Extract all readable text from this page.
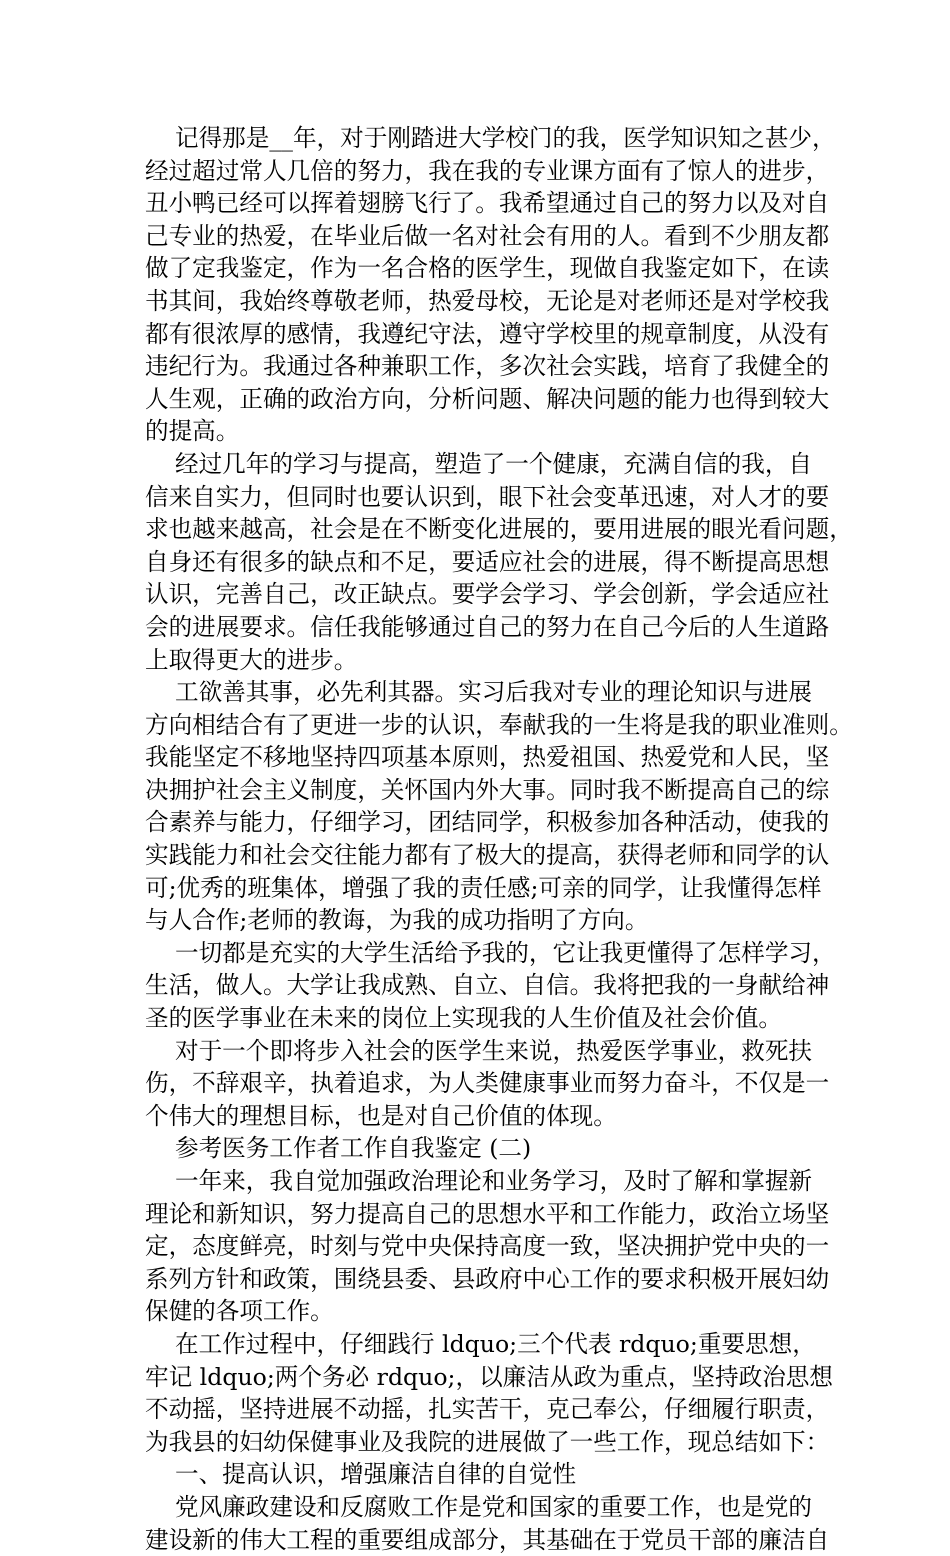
记得那是__年，对于刚踏进大学校门的我，医学知识知之甚少，
经过超过常人几倍的努力，我在我的专业课方面有了惊人的进步，
丑小鸭已经可以挥着翅膀飞行了。我希望通过自己的努力以及对自
己专业的热爱，在毕业后做一名对社会有用的人。看到不少朋友都
做了定我鉴定，作为一名合格的医学生，现做自我鉴定如下，在读
书其间，我始终尊敬老师，热爱母校，无论是对老师还是对学校我
都有很浓厚的感情，我遵纪守法，遵守学校里的规章制度，从没有
违纪行为。我通过各种兼职工作，多次社会实践，培育了我健全的
人生观，正确的政治方向，分析问题、解决问题的能力也得到较大
的提高。
经过几年的学习与提高，塑造了一个健康，充满自信的我，自
信来自实力，但同时也要认识到，眼下社会变革迅速，对人才的要
求也越来越高，社会是在不断变化进展的，要用进展的眼光看问题，
自身还有很多的缺点和不足，要适应社会的进展，得不断提高思想
认识，完善自己，改正缺点。要学会学习、学会创新，学会适应社
会的进展要求。信任我能够通过自己的努力在自己今后的人生道路
上取得更大的进步。
工欲善其事，必先利其器。实习后我对专业的理论知识与进展
方向相结合有了更进一步的认识，奉献我的一生将是我的职业准则。
我能坚定不移地坚持四项基本原则，热爱祖国、热爱党和人民，坚
决拥护社会主义制度，关怀国内外大事。同时我不断提高自己的综
合素养与能力，仔细学习，团结同学，积极参加各种活动，使我的
实践能力和社会交往能力都有了极大的提高，获得老师和同学的认
可;优秀的班集体，增强了我的责任感;可亲的同学，让我懂得怎样
与人合作;老师的教诲，为我的成功指明了方向。
一切都是充实的大学生活给予我的，它让我更懂得了怎样学习，
生活，做人。大学让我成熟、自立、自信。我将把我的一身献给神
圣的医学事业在未来的岗位上实现我的人生价值及社会价值。
对于一个即将步入社会的医学生来说，热爱医学事业，救死扶
伤，不辞艰辛，执着追求，为人类健康事业而努力奋斗，不仅是一
个伟大的理想目标，也是对自己价值的体现。
参考医务工作者工作自我鉴定 (二)
一年来，我自觉加强政治理论和业务学习，及时了解和掌握新
理论和新知识，努力提高自己的思想水平和工作能力，政治立场坚
定，态度鲜亮，时刻与党中央保持高度一致，坚决拥护党中央的一
系列方针和政策，围绕县委、县政府中心工作的要求积极开展妇幼
保健的各项工作。
在工作过程中，仔细践行 ldquo;三个代表 rdquo;重要思想，
牢记 ldquo;两个务必 rdquo;，以廉洁从政为重点，坚持政治思想
不动摇，坚持进展不动摇，扎实苦干，克己奉公，仔细履行职责，
为我县的妇幼保健事业及我院的进展做了一些工作，现总结如下：
一、提高认识，增强廉洁自律的自觉性
党风廉政建设和反腐败工作是党和国家的重要工作，也是党的
建设新的伟大工程的重要组成部分，其基础在于党员干部的廉洁自
